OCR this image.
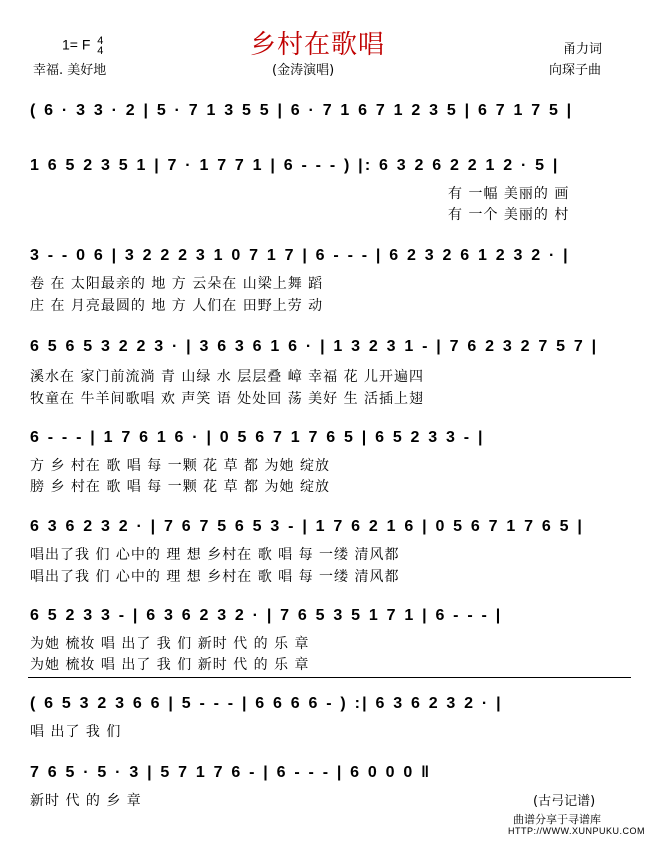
乡村在歌唱
1= F 4
4
幸福. 美好地	(金涛演唱)
甬力词
向琛子曲
( 6 · 3 3 · 2 | 5 · 7 1 3 5 5 | 6 · 7 1 6 7 1 2 3 5 | 6 7 1 7 5 |
1 6 5 2 3 5 1 | 7 · 1 7 7 1 | 6 - - - ) |: 6 3 2 6 2 2 1 2 · 5 |
有 一幅 美丽的 画
有 一个 美丽的 村
3 - - 0 6 | 3 2 2 2 3 1 0 7 1 7 | 6 - - - | 6 2 3 2 6 1 2 3 2 · |
卷 在 太阳最亲的 地 方 云朵在 山梁上舞 蹈
庄 在 月亮最圆的 地 方 人们在 田野上劳 动
6 5 6 5 3 2 2 3 · | 3 6 3 6 1 6 · | 1 3 2 3 1 - | 7 6 2 3 2 7 5 7 |
溪水在 家门前流淌 青 山绿 水 层层叠 嶂 幸福 花 儿开遍四
牧童在 牛羊间歌唱 欢 声笑 语 处处回 荡 美好 生 活插上翅
6 - - - | 1 7 6 1 6 · | 0 5 6 7 1 7 6 5 | 6 5 2 3 3 - |
方 乡 村在 歌 唱 每 一颗 花 草 都 为她 绽放
膀 乡 村在 歌 唱 每 一颗 花 草 都 为她 绽放
6 3 6 2 3 2 · | 7 6 7 5 6 5 3 - | 1 7 6 2 1 6 | 0 5 6 7 1 7 6 5 |
唱出了我 们 心中的 理 想 乡村在 歌 唱 每 一缕 清风都
唱出了我 们 心中的 理 想 乡村在 歌 唱 每 一缕 清风都
6 5 2 3 3 - | 6 3 6 2 3 2 · | 7 6 5 3 5 1 7 1 | 6 - - - |
为她 梳妆 唱 出了 我 们 新时 代 的 乐 章
为她 梳妆 唱 出了 我 们 新时 代 的 乐 章
( 6 5 3 2 3 6 6 | 5 - - - | 6 6 6 6 - ) :| 6 3 6 2 3 2 · |
唱 出了 我 们
7 6 5 · 5 · 3 | 5 7 1 7 6 - | 6 - - - | 6 0 0 0 ‖
新时 代 的 乡 章	(古弓记谱)
曲谱分享于寻谱库
HTTP://WWW.XUNPUKU.COM
